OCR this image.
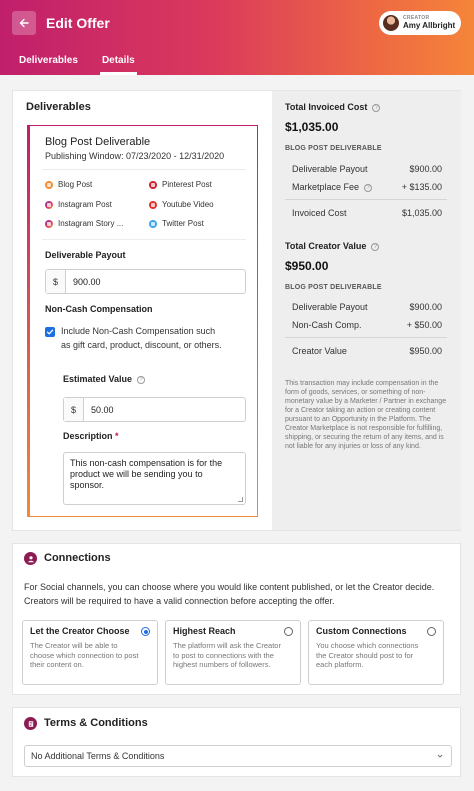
Edit Offer	CREATOR
Amy Allbright
Deliverables	Details
Deliverables
Blog Post Deliverable
Publishing Window: 07/23/2020 - 12/31/2020
Blog Post	Pinterest Post
Instagram Post	Youtube Video
Instagram Story ...	Twitter Post
Deliverable Payout
$	900.00
Non-Cash Compensation
Include Non-Cash Compensation such as gift card, product, discount, or others.
Estimated Value ?
$	50.00
Description *
This non-cash compensation is for the product we will be sending you to sponsor.
Total Invoiced Cost ?
$1,035.00
BLOG POST DELIVERABLE
Deliverable Payout	$900.00
Marketplace Fee ?	+ $135.00
Invoiced Cost	$1,035.00
Total Creator Value ?
$950.00
BLOG POST DELIVERABLE
Deliverable Payout	$900.00
Non-Cash Comp.	+ $50.00
Creator Value	$950.00
This transaction may include compensation in the form of goods, services, or something of non-monetary value by a Marketer / Partner in exchange for a Creator taking an action or creating content pursuant to an Opportunity in the Platform. The Creator Marketplace is not responsible for fulfilling, shipping, or securing the return of any items, and is not liable for any injuries or loss of any kind.
Connections
For Social channels, you can choose where you would like content published, or let the Creator decide. Creators will be required to have a valid connection before accepting the offer.
Let the Creator Choose
The Creator will be able to choose which connection to post their content on.
Highest Reach
The platform will ask the Creator to post to connections with the highest numbers of followers.
Custom Connections
You choose which connections the Creator should post to for each platform.
Terms & Conditions
No Additional Terms & Conditions
